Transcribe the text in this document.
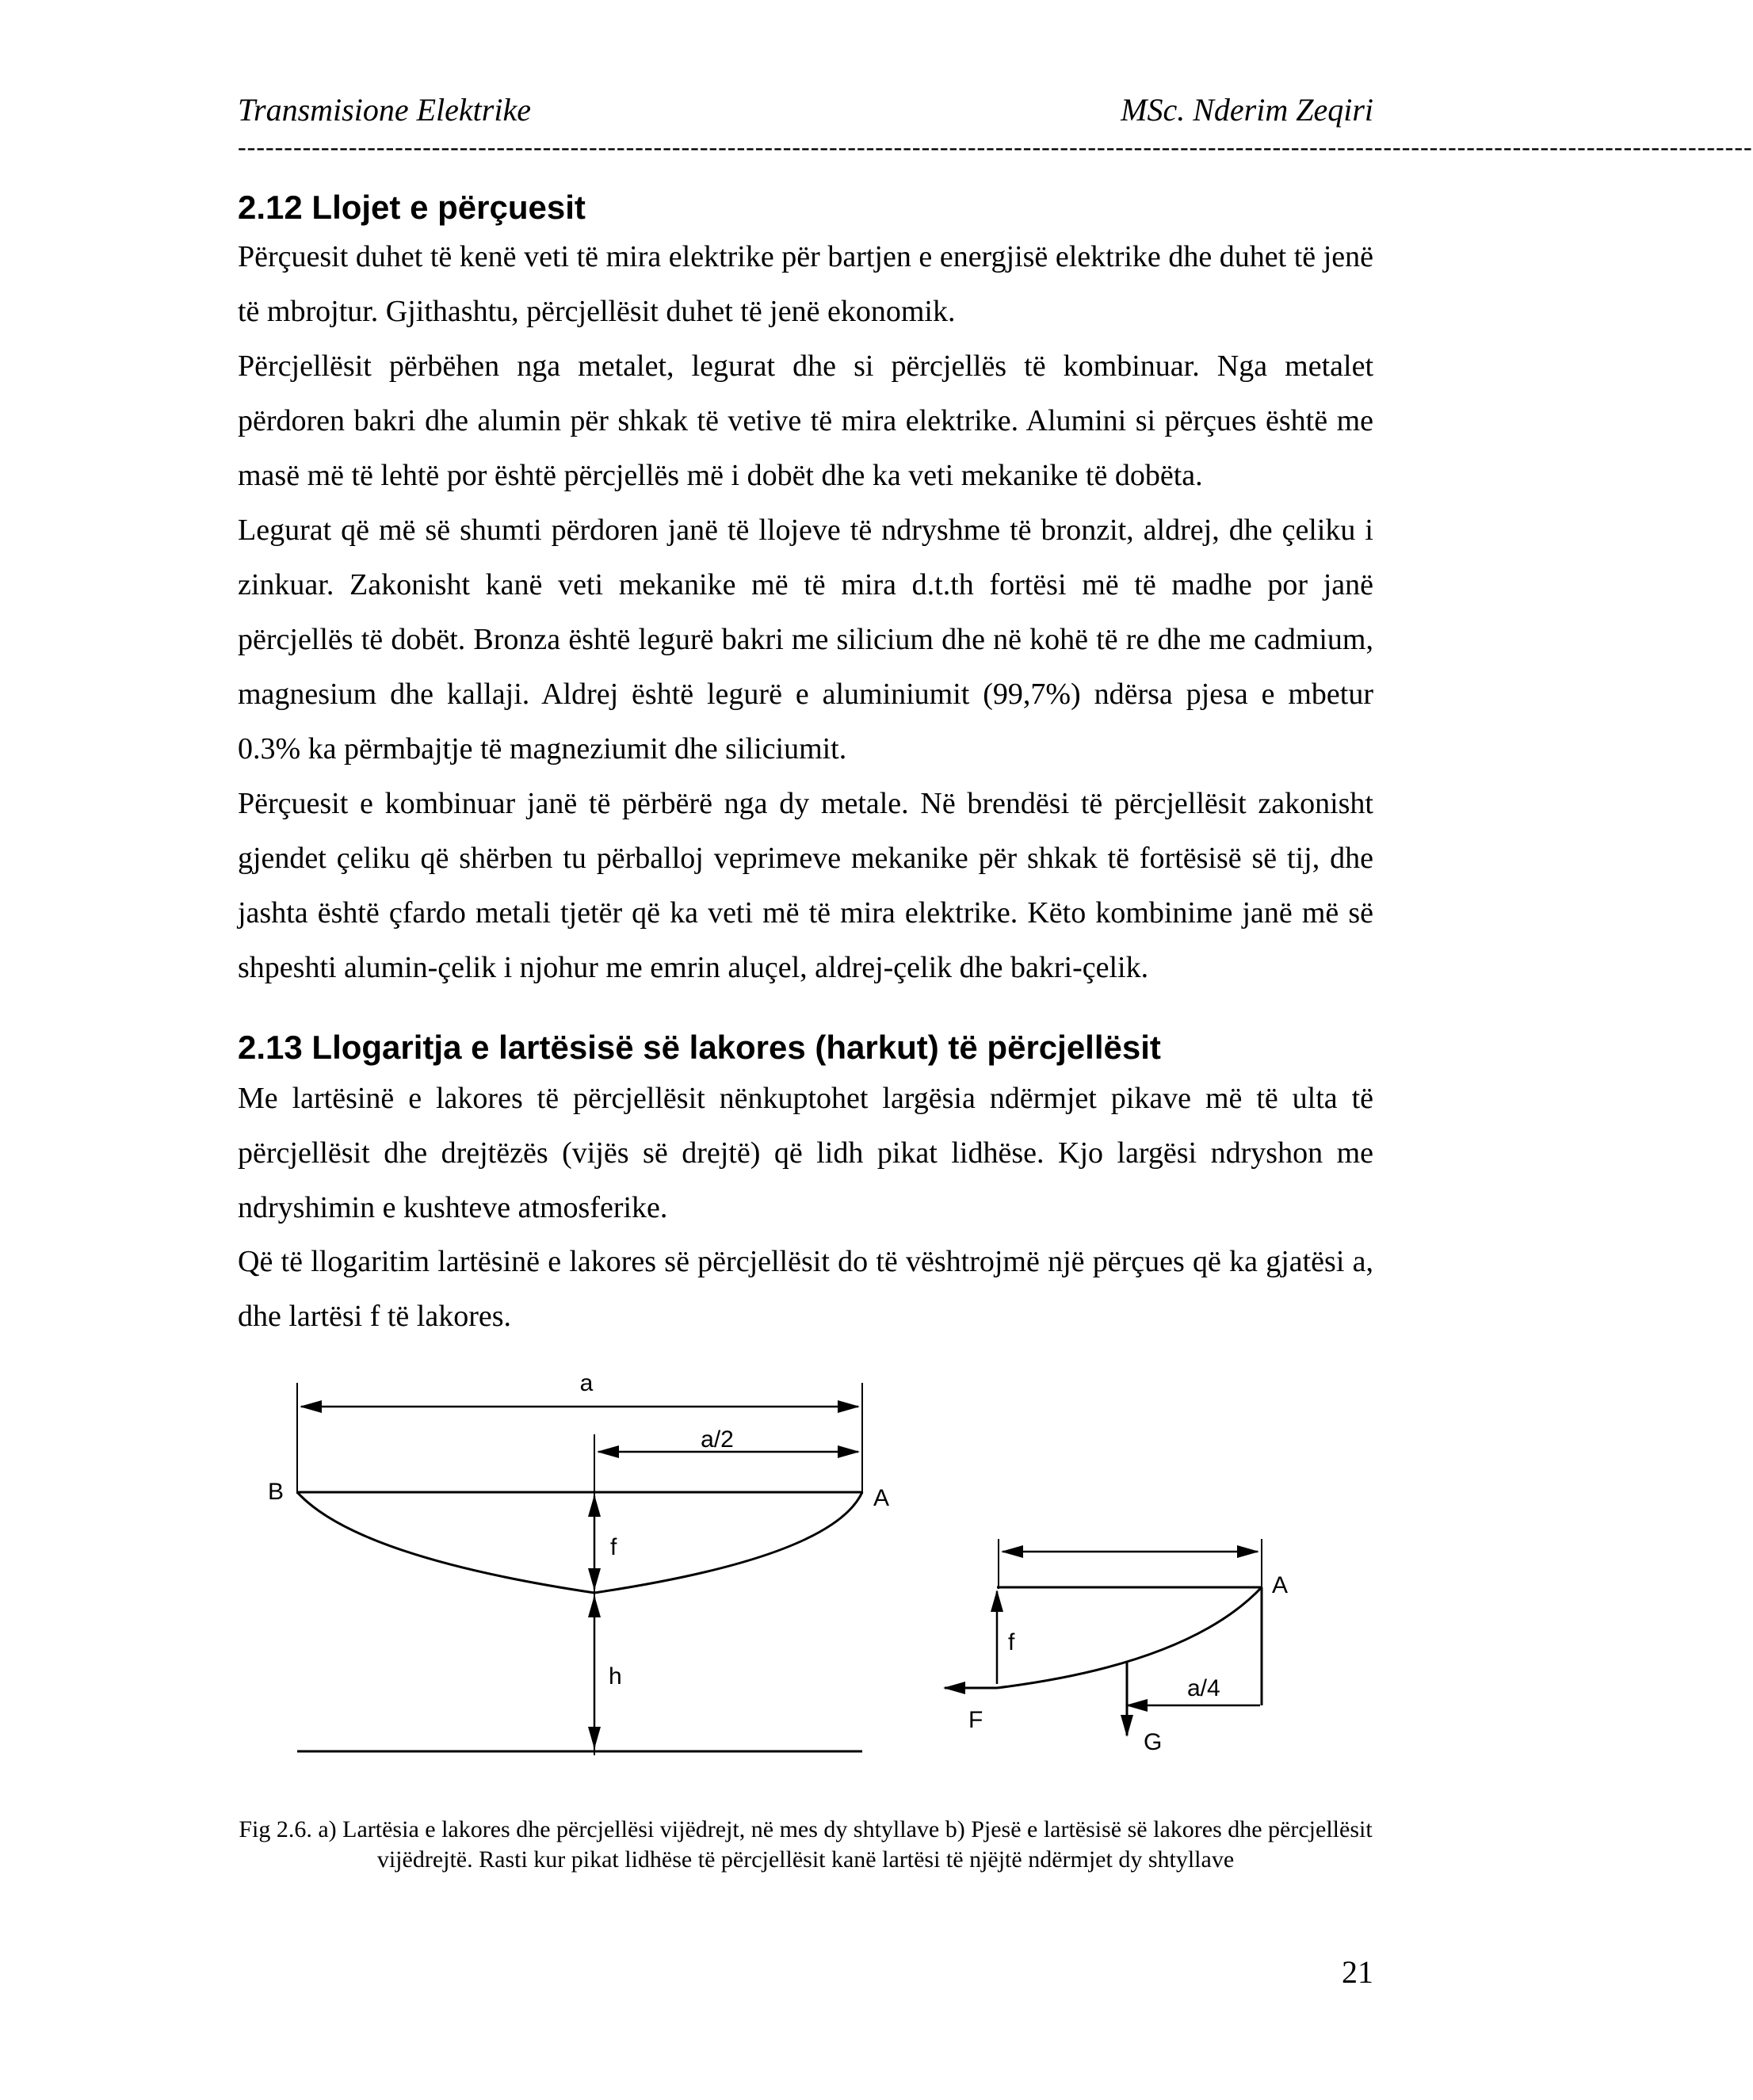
Transmisione Elektrike	MSc. Nderim Zeqiri
--------------------------------------------------------------------------------------------------------------------------------------------------------------------
2.12 Llojet e përçuesit

Përçuesit duhet të kenë veti të mira elektrike për bartjen e energjisë elektrike dhe duhet të jenë të mbrojtur. Gjithashtu, përcjellësit duhet të jenë ekonomik.

Përcjellësit përbëhen nga metalet, legurat dhe si përcjellës të kombinuar. Nga metalet përdoren bakri dhe alumin për shkak të vetive të mira elektrike. Alumini si përçues është me masë më të lehtë por është përcjellës më i dobët dhe ka veti mekanike të dobëta.

Legurat që më së shumti përdoren janë të llojeve të ndryshme të bronzit, aldrej, dhe çeliku i zinkuar. Zakonisht kanë veti mekanike më të mira d.t.th fortësi më të madhe por janë përcjellës të dobët. Bronza është legurë bakri me silicium dhe në kohë të re dhe me cadmium, magnesium dhe kallaji. Aldrej është legurë e aluminiumit (99,7%) ndërsa pjesa e mbetur 0.3% ka përmbajtje të magneziumit dhe siliciumit.

Përçuesit e kombinuar janë të përbërë nga dy metale. Në brendësi të përcjellësit zakonisht gjendet çeliku që shërben tu përballoj veprimeve mekanike për shkak të fortësisë së tij, dhe jashta është çfardo metali tjetër që ka veti më të mira elektrike. Këto kombinime janë më së shpeshti alumin-çelik i njohur me emrin aluçel, aldrej-çelik dhe bakri-çelik.

2.13 Llogaritja e lartësisë së lakores (harkut) të përcjellësit

Me lartësinë e lakores të përcjellësit nënkuptohet largësia ndërmjet pikave më të ulta të përcjellësit dhe drejtëzës (vijës së drejtë) që lidh pikat lidhëse. Kjo largësi ndryshon me ndryshimin e kushteve atmosferike.

Që të llogaritim lartësinë e lakores së përcjellësit do të vështrojmë një përçues që ka gjatësi a, dhe lartësi f të lakores.

a
a/2
B	A
f
h
A
f
a/4
F
G

Fig 2.6. a) Lartësia e lakores dhe përcjellësi vijëdrejt, në mes dy shtyllave b) Pjesë e lartësisë së lakores dhe përcjellësit vijëdrejtë. Rasti kur pikat lidhëse të përcjellësit kanë lartësi të njëjtë ndërmjet dy shtyllave

21
